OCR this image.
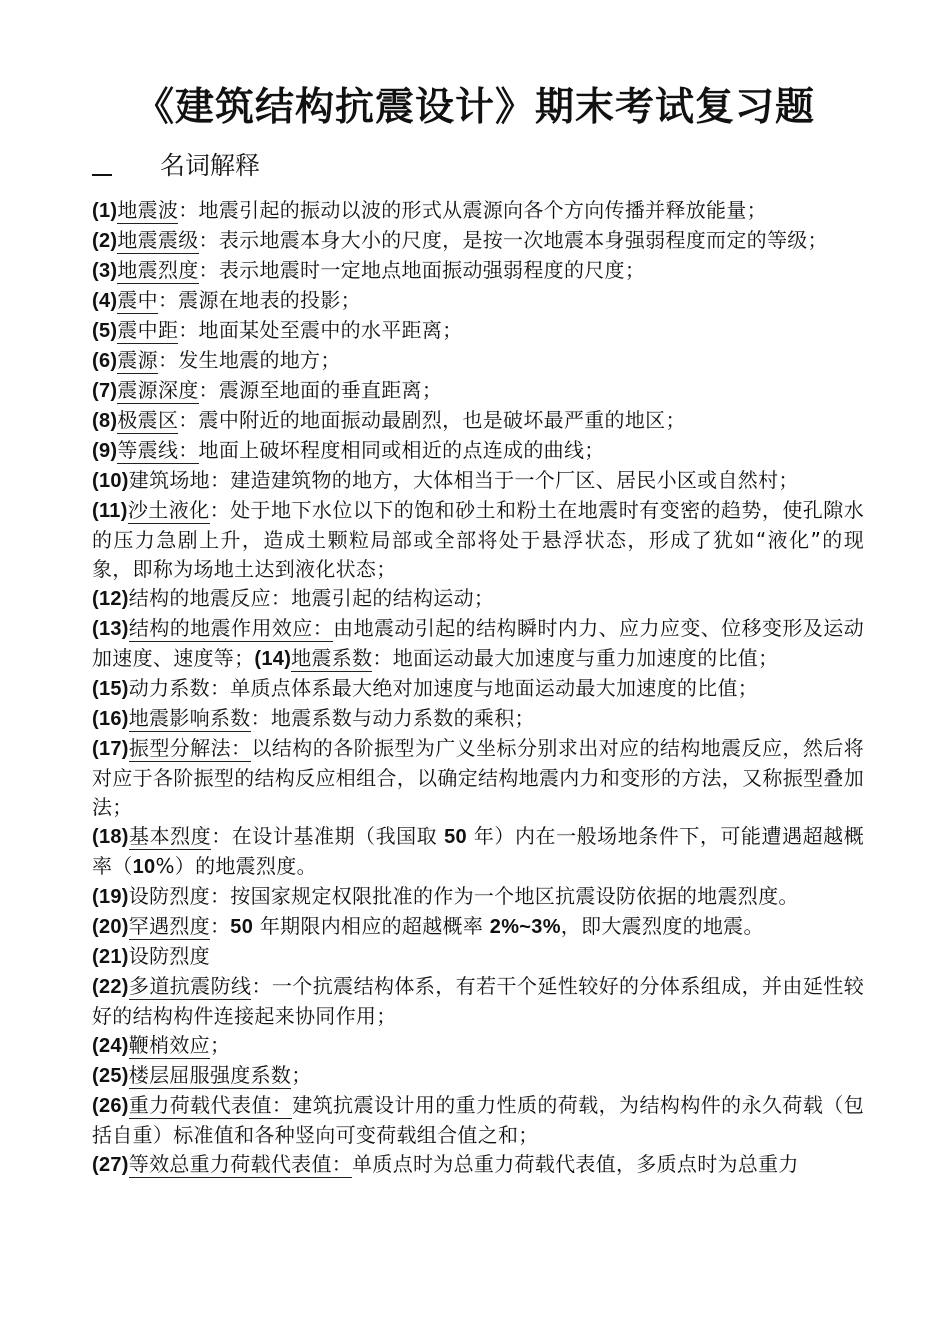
《建筑结构抗震设计》期末考试复习题
名词解释

(1)地震波：地震引起的振动以波的形式从震源向各个方向传播并释放能量；

(2)地震震级：表示地震本身大小的尺度，是按一次地震本身强弱程度而定的等级；

(3)地震烈度：表示地震时一定地点地面振动强弱程度的尺度；

(4)震中：震源在地表的投影；

(5)震中距：地面某处至震中的水平距离；

(6)震源：发生地震的地方；

(7)震源深度：震源至地面的垂直距离；

(8)极震区：震中附近的地面振动最剧烈，也是破坏最严重的地区；

(9)等震线：地面上破坏程度相同或相近的点连成的曲线；

(10)建筑场地：建造建筑物的地方，大体相当于一个厂区、居民小区或自然村；

(11)沙土液化：处于地下水位以下的饱和砂土和粉土在地震时有变密的趋势，使孔隙水的压力急剧上升，造成土颗粒局部或全部将处于悬浮状态，形成了犹如“液化”的现象，即称为场地土达到液化状态；

(12)结构的地震反应：地震引起的结构运动；

(13)结构的地震作用效应：由地震动引起的结构瞬时内力、应力应变、位移变形及运动加速度、速度等；(14)地震系数：地面运动最大加速度与重力加速度的比值；

(15)动力系数：单质点体系最大绝对加速度与地面运动最大加速度的比值；

(16)地震影响系数：地震系数与动力系数的乘积；

(17)振型分解法：以结构的各阶振型为广义坐标分别求出对应的结构地震反应，然后将对应于各阶振型的结构反应相组合，以确定结构地震内力和变形的方法，又称振型叠加法；

(18)基本烈度：在设计基准期（我国取 50 年）内在一般场地条件下，可能遭遇超越概率（10%）的地震烈度。

(19)设防烈度：按国家规定权限批准的作为一个地区抗震设防依据的地震烈度。

(20)罕遇烈度：50 年期限内相应的超越概率 2%~3%，即大震烈度的地震。

(21)设防烈度

(22)多道抗震防线：一个抗震结构体系，有若干个延性较好的分体系组成，并由延性较好的结构构件连接起来协同作用；

(24)鞭梢效应；

(25)楼层屈服强度系数；

(26)重力荷载代表值：建筑抗震设计用的重力性质的荷载，为结构构件的永久荷载（包括自重）标准值和各种竖向可变荷载组合值之和；

(27)等效总重力荷载代表值：单质点时为总重力荷载代表值，多质点时为总重力
